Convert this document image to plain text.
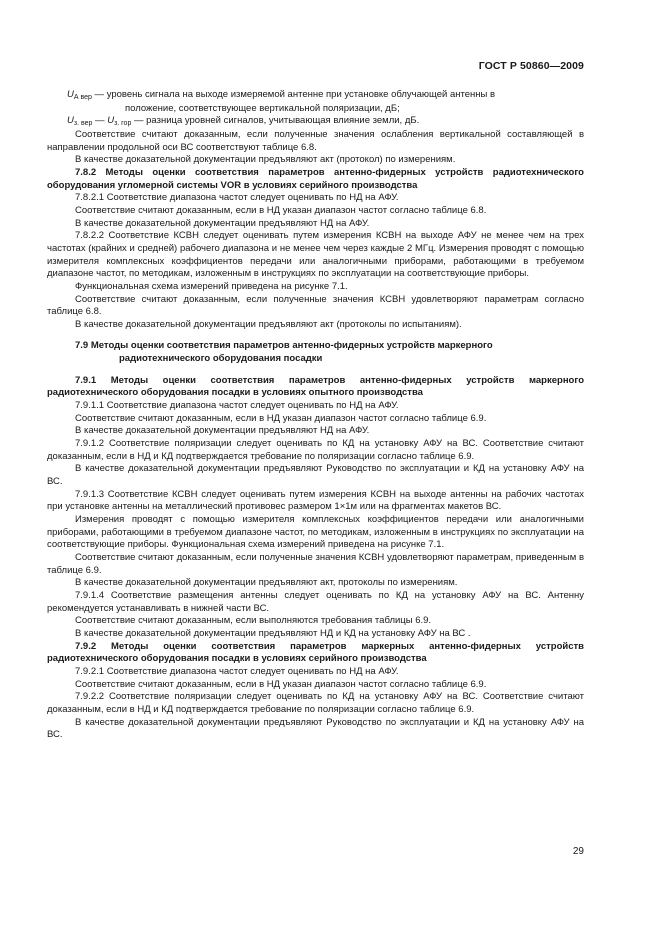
ГОСТ Р 50860—2009

$U_{А вер}$ — уровень сигнала на выходе измеряемой антенне при установке облучающей антенны в
положение, соответствующее вертикальной поляризации, дБ;

$U_{з. вер}$ — $U_{з. гор}$ — разница уровней сигналов, учитывающая влияние земли, дБ.

Соответствие считают доказанным, если полученные значения ослабления вертикальной составляющей в направлении продольной оси ВС соответствуют таблице 6.8.

В качестве доказательной документации предъявляют акт (протокол) по измерениям.

7.8.2 Методы оценки соответствия параметров антенно-фидерных устройств радиотехнического оборудования угломерной системы VOR в условиях серийного производства

7.8.2.1 Соответствие диапазона частот следует оценивать по НД на АФУ.

Соответствие считают доказанным, если в НД указан диапазон частот согласно таблице 6.8.

В качестве доказательной документации предъявляют НД на АФУ.

7.8.2.2 Соответствие КСВН следует оценивать путем измерения КСВН на выходе АФУ не менее чем на трех частотах (крайних и средней) рабочего диапазона и не менее чем через каждые 2 МГц. Измерения проводят с помощью измерителя комплексных коэффициентов передачи или аналогичными приборами, работающими в требуемом диапазоне частот, по методикам, изложенным в инструкциях по эксплуатации на соответствующие приборы.

Функциональная схема измерений приведена на рисунке 7.1.

Соответствие считают доказанным, если полученные значения КСВН удовлетворяют параметрам согласно таблице 6.8.

В качестве доказательной документации предъявляют акт (протоколы по испытаниям).

7.9 Методы оценки соответствия параметров антенно-фидерных устройств маркерного
радиотехнического оборудования посадки

7.9.1 Методы оценки соответствия параметров антенно-фидерных устройств маркерного радиотехнического оборудования посадки в условиях опытного производства

7.9.1.1 Соответствие диапазона частот следует оценивать по НД на АФУ.

Соответствие считают доказанным, если в НД указан диапазон частот согласно таблице 6.9.

В качестве доказательной документации предъявляют НД на АФУ.

7.9.1.2 Соответствие поляризации следует оценивать по КД на установку АФУ на ВС. Соответствие считают доказанным, если в НД и КД подтверждается требование по поляризации согласно таблице 6.9.

В качестве доказательной документации предъявляют Руководство по эксплуатации и КД на установку АФУ на ВС.

7.9.1.3 Соответствие КСВН следует оценивать путем измерения КСВН на выходе антенны на рабочих частотах при установке антенны на металлический противовес размером 1×1м или на фрагментах макетов ВС.

Измерения проводят с помощью измерителя комплексных коэффициентов передачи или аналогичными приборами, работающими в требуемом диапазоне частот, по методикам, изложенным в инструкциях по эксплуатации на соответствующие приборы. Функциональная схема измерений приведена на рисунке 7.1.

Соответствие считают доказанным, если полученные значения КСВН удовлетворяют параметрам, приведенным в таблице 6.9.

В качестве доказательной документации предъявляют акт, протоколы по измерениям.

7.9.1.4 Соответствие размещения антенны следует оценивать по КД на установку АФУ на ВС. Антенну рекомендуется устанавливать в нижней части ВС.

Соответствие считают доказанным, если выполняются требования таблицы 6.9.

В качестве доказательной документации предъявляют НД и КД на установку АФУ на ВС .

7.9.2 Методы оценки соответствия параметров маркерных антенно-фидерных устройств радиотехнического оборудования посадки в условиях серийного производства

7.9.2.1 Соответствие диапазона частот следует оценивать по НД на АФУ.

Соответствие считают доказанным, если в НД указан диапазон частот согласно таблице 6.9.

7.9.2.2 Соответствие поляризации следует оценивать по КД на установку АФУ на ВС. Соответствие считают доказанным, если в НД и КД подтверждается требование по поляризации согласно таблице 6.9.

В качестве доказательной документации предъявляют Руководство по эксплуатации и КД на установку АФУ на ВС.

29
